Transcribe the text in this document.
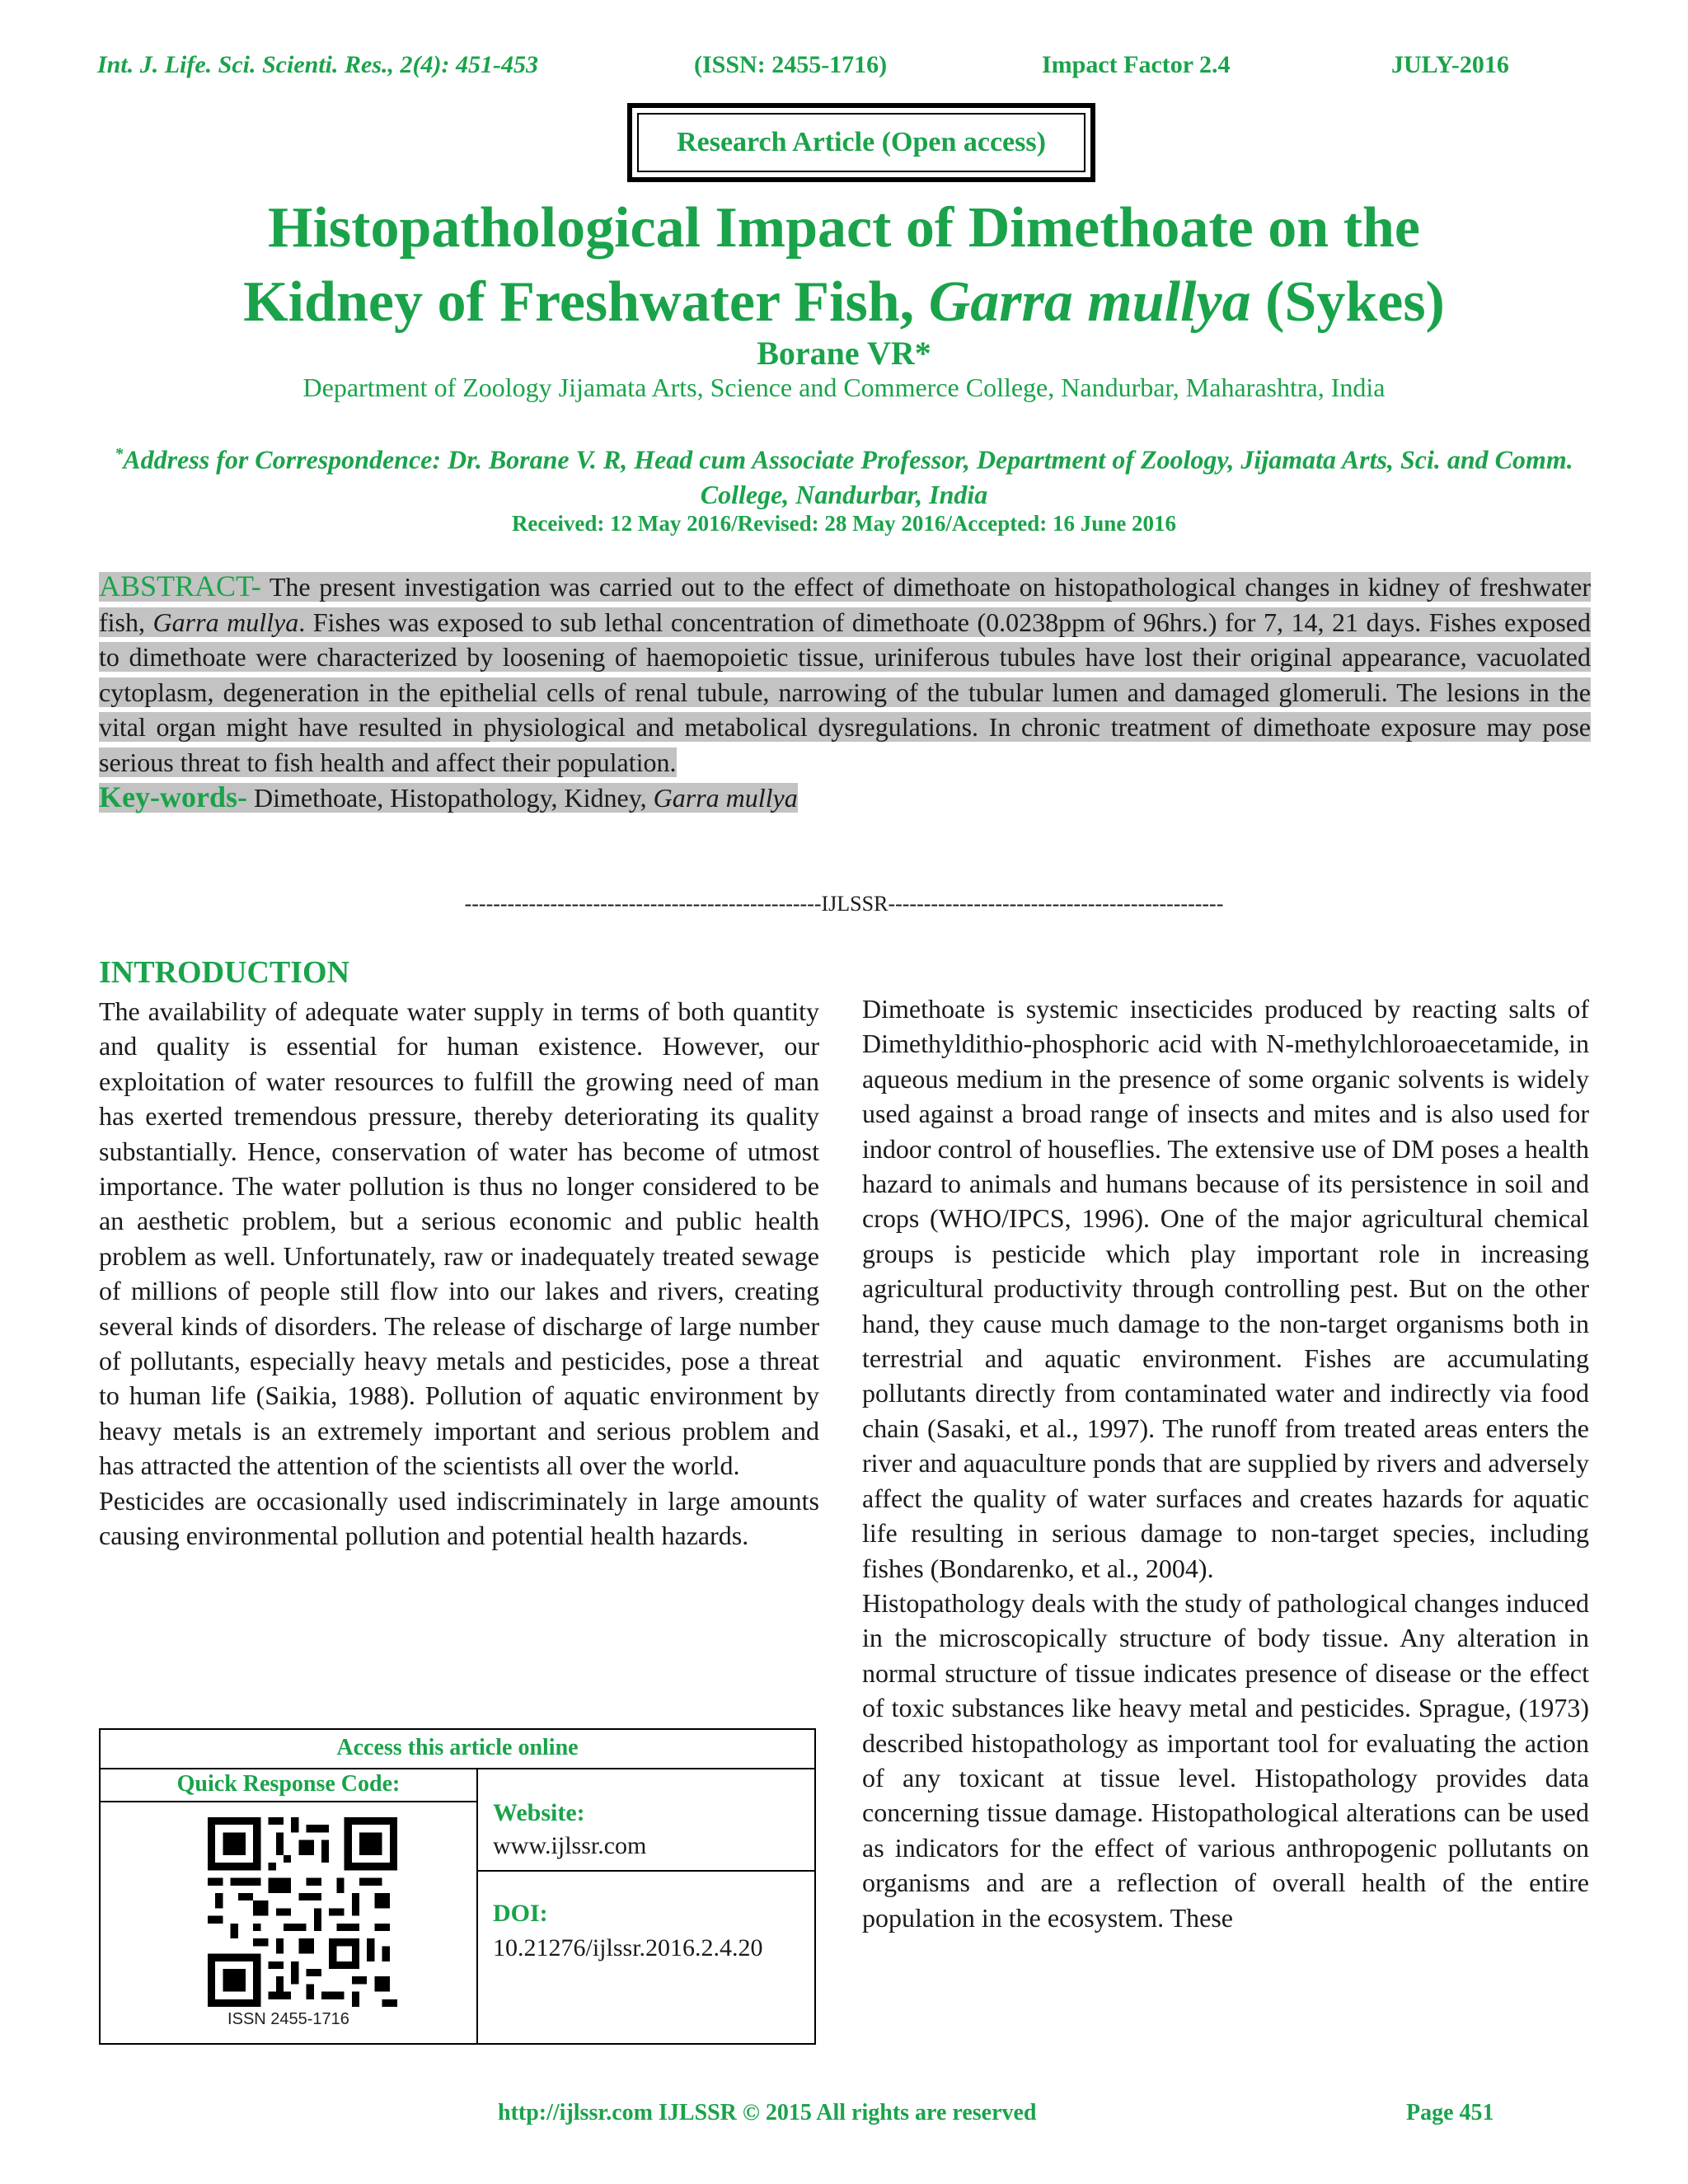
Int. J. Life. Sci. Scienti. Res., 2(4): 451-453	(ISSN: 2455-1716)	Impact Factor 2.4	JULY-2016
Research Article (Open access)
Histopathological Impact of Dimethoate on the
Kidney of Freshwater Fish, Garra mullya (Sykes)
Borane VR*
Department of Zoology Jijamata Arts, Science and Commerce College, Nandurbar, Maharashtra, India
*Address for Correspondence: Dr. Borane V. R, Head cum Associate Professor, Department of Zoology, Jijamata Arts, Sci. and Comm. College, Nandurbar, India
Received: 12 May 2016/Revised: 28 May 2016/Accepted: 16 June 2016
ABSTRACT- The present investigation was carried out to the effect of dimethoate on histopathological changes in kidney of freshwater fish, Garra mullya. Fishes was exposed to sub lethal concentration of dimethoate (0.0238ppm of 96hrs.) for 7, 14, 21 days. Fishes exposed to dimethoate were characterized by loosening of haemopoietic tissue, uriniferous tubules have lost their original appearance, vacuolated cytoplasm, degeneration in the epithelial cells of renal tubule, narrowing of the tubular lumen and damaged glomeruli. The lesions in the vital organ might have resulted in physiological and metabolical dysregulations. In chronic treatment of dimethoate exposure may pose serious threat to fish health and affect their population.
Key-words- Dimethoate, Histopathology, Kidney, Garra mullya
--------------------------------------------------IJLSSR-----------------------------------------------
INTRODUCTION

The availability of adequate water supply in terms of both quantity and quality is essential for human existence. However, our exploitation of water resources to fulfill the growing need of man has exerted tremendous pressure, thereby deteriorating its quality substantially. Hence, conservation of water has become of utmost importance. The water pollution is thus no longer considered to be an aesthetic problem, but a serious economic and public health problem as well. Unfortunately, raw or inadequately treated sewage of millions of people still flow into our lakes and rivers, creating several kinds of disorders. The release of discharge of large number of pollutants, especially heavy metals and pesticides, pose a threat to human life (Saikia, 1988). Pollution of aquatic environment by heavy metals is an extremely important and serious problem and has attracted the attention of the scientists all over the world.

Pesticides are occasionally used indiscriminately in large amounts causing environmental pollution and potential health hazards.

Dimethoate is systemic insecticides produced by reacting salts of Dimethyldithio-phosphoric acid with N-methylchloroaecetamide, in aqueous medium in the presence of some organic solvents is widely used against a broad range of insects and mites and is also used for indoor control of houseflies. The extensive use of DM poses a health hazard to animals and humans because of its persistence in soil and crops (WHO/IPCS, 1996). One of the major agricultural chemical groups is pesticide which play important role in increasing agricultural productivity through controlling pest. But on the other hand, they cause much damage to the non-target organisms both in terrestrial and aquatic environment. Fishes are accumulating pollutants directly from contaminated water and indirectly via food chain (Sasaki, et al., 1997). The runoff from treated areas enters the river and aquaculture ponds that are supplied by rivers and adversely affect the quality of water surfaces and creates hazards for aquatic life resulting in serious damage to non-target species, including fishes (Bondarenko, et al., 2004).

Histopathology deals with the study of pathological changes induced in the microscopically structure of body tissue. Any alteration in normal structure of tissue indicates presence of disease or the effect of toxic substances like heavy metal and pesticides. Sprague, (1973) described histopathology as important tool for evaluating the action of any toxicant at tissue level. Histopathology provides data concerning tissue damage. Histopathological alterations can be used as indicators for the effect of various anthropogenic pollutants on organisms and are a reflection of overall health of the entire population in the ecosystem. These

Access this article online
Quick Response Code:
ISSN 2455-1716
Website:
www.ijlssr.com
DOI:
10.21276/ijlssr.2016.2.4.20
http://ijlssr.com IJLSSR © 2015 All rights are reserved	Page 451
